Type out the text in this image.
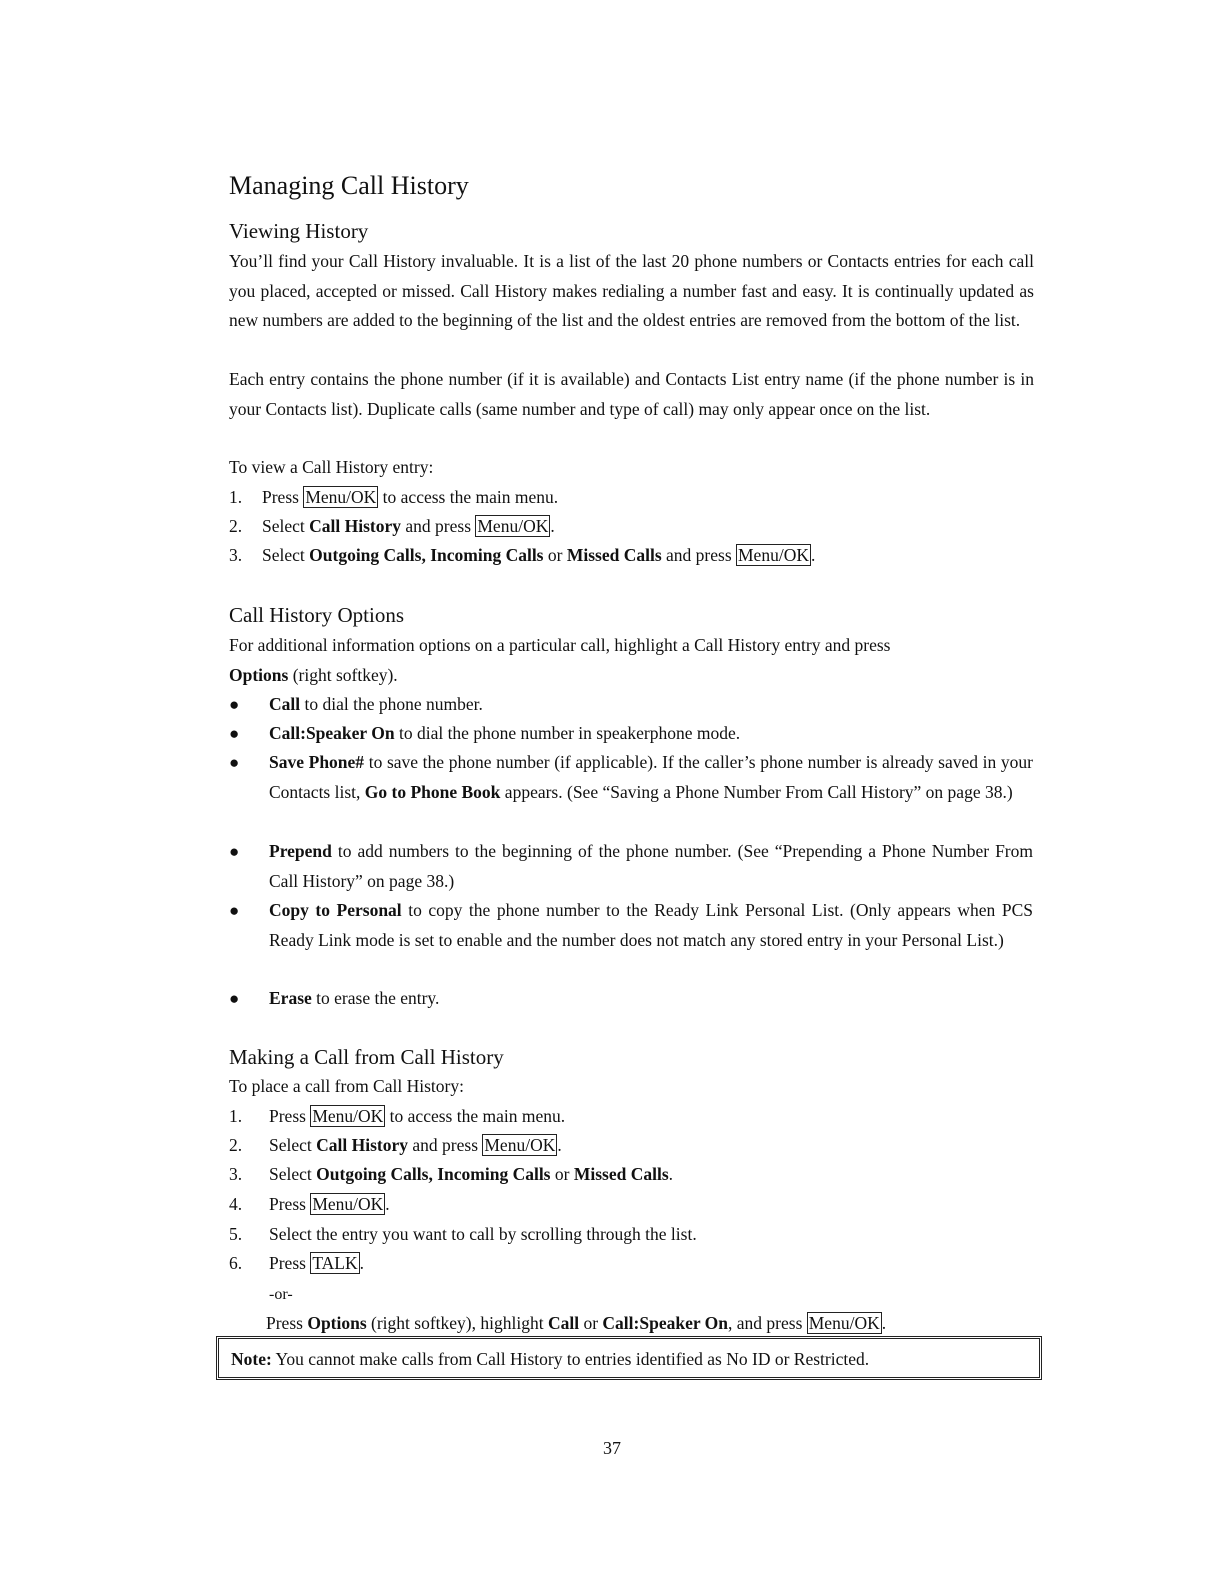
Managing Call History
Viewing History
You’ll find your Call History invaluable. It is a list of the last 20 phone numbers or Contacts entries for each call you placed, accepted or missed. Call History makes redialing a number fast and easy. It is continually updated as new numbers are added to the beginning of the list and the oldest entries are removed from the bottom of the list.
Each entry contains the phone number (if it is available) and Contacts List entry name (if the phone number is in your Contacts list). Duplicate calls (same number and type of call) may only appear once on the list.
To view a Call History entry:
1. Press Menu/OK to access the main menu.
2. Select Call History and press Menu/OK .
3. Select Outgoing Calls, Incoming Calls or Missed Calls and press Menu/OK .
Call History Options
For additional information options on a particular call, highlight a Call History entry and press
Options (right softkey).
● Call to dial the phone number.
● Call:Speaker On to dial the phone number in speakerphone mode.
● Save Phone# to save the phone number (if applicable). If the caller’s phone number is already saved in your Contacts list, Go to Phone Book appears. (See “Saving a Phone Number From Call History” on page 38.)
● Prepend to add numbers to the beginning of the phone number. (See “Prepending a Phone Number From Call History” on page 38.)
● Copy to Personal to copy the phone number to the Ready Link Personal List. (Only appears when PCS Ready Link mode is set to enable and the number does not match any stored entry in your Personal List.)
● Erase to erase the entry.
Making a Call from Call History
To place a call from Call History:
1. Press Menu/OK to access the main menu.
2. Select Call History and press Menu/OK .
3. Select Outgoing Calls, Incoming Calls or Missed Calls.
4. Press Menu/OK .
5. Select the entry you want to call by scrolling through the list.
6. Press TALK .
-or-
Press Options (right softkey), highlight Call or Call:Speaker On, and press Menu/OK .
Note: You cannot make calls from Call History to entries identified as No ID or Restricted.
37
